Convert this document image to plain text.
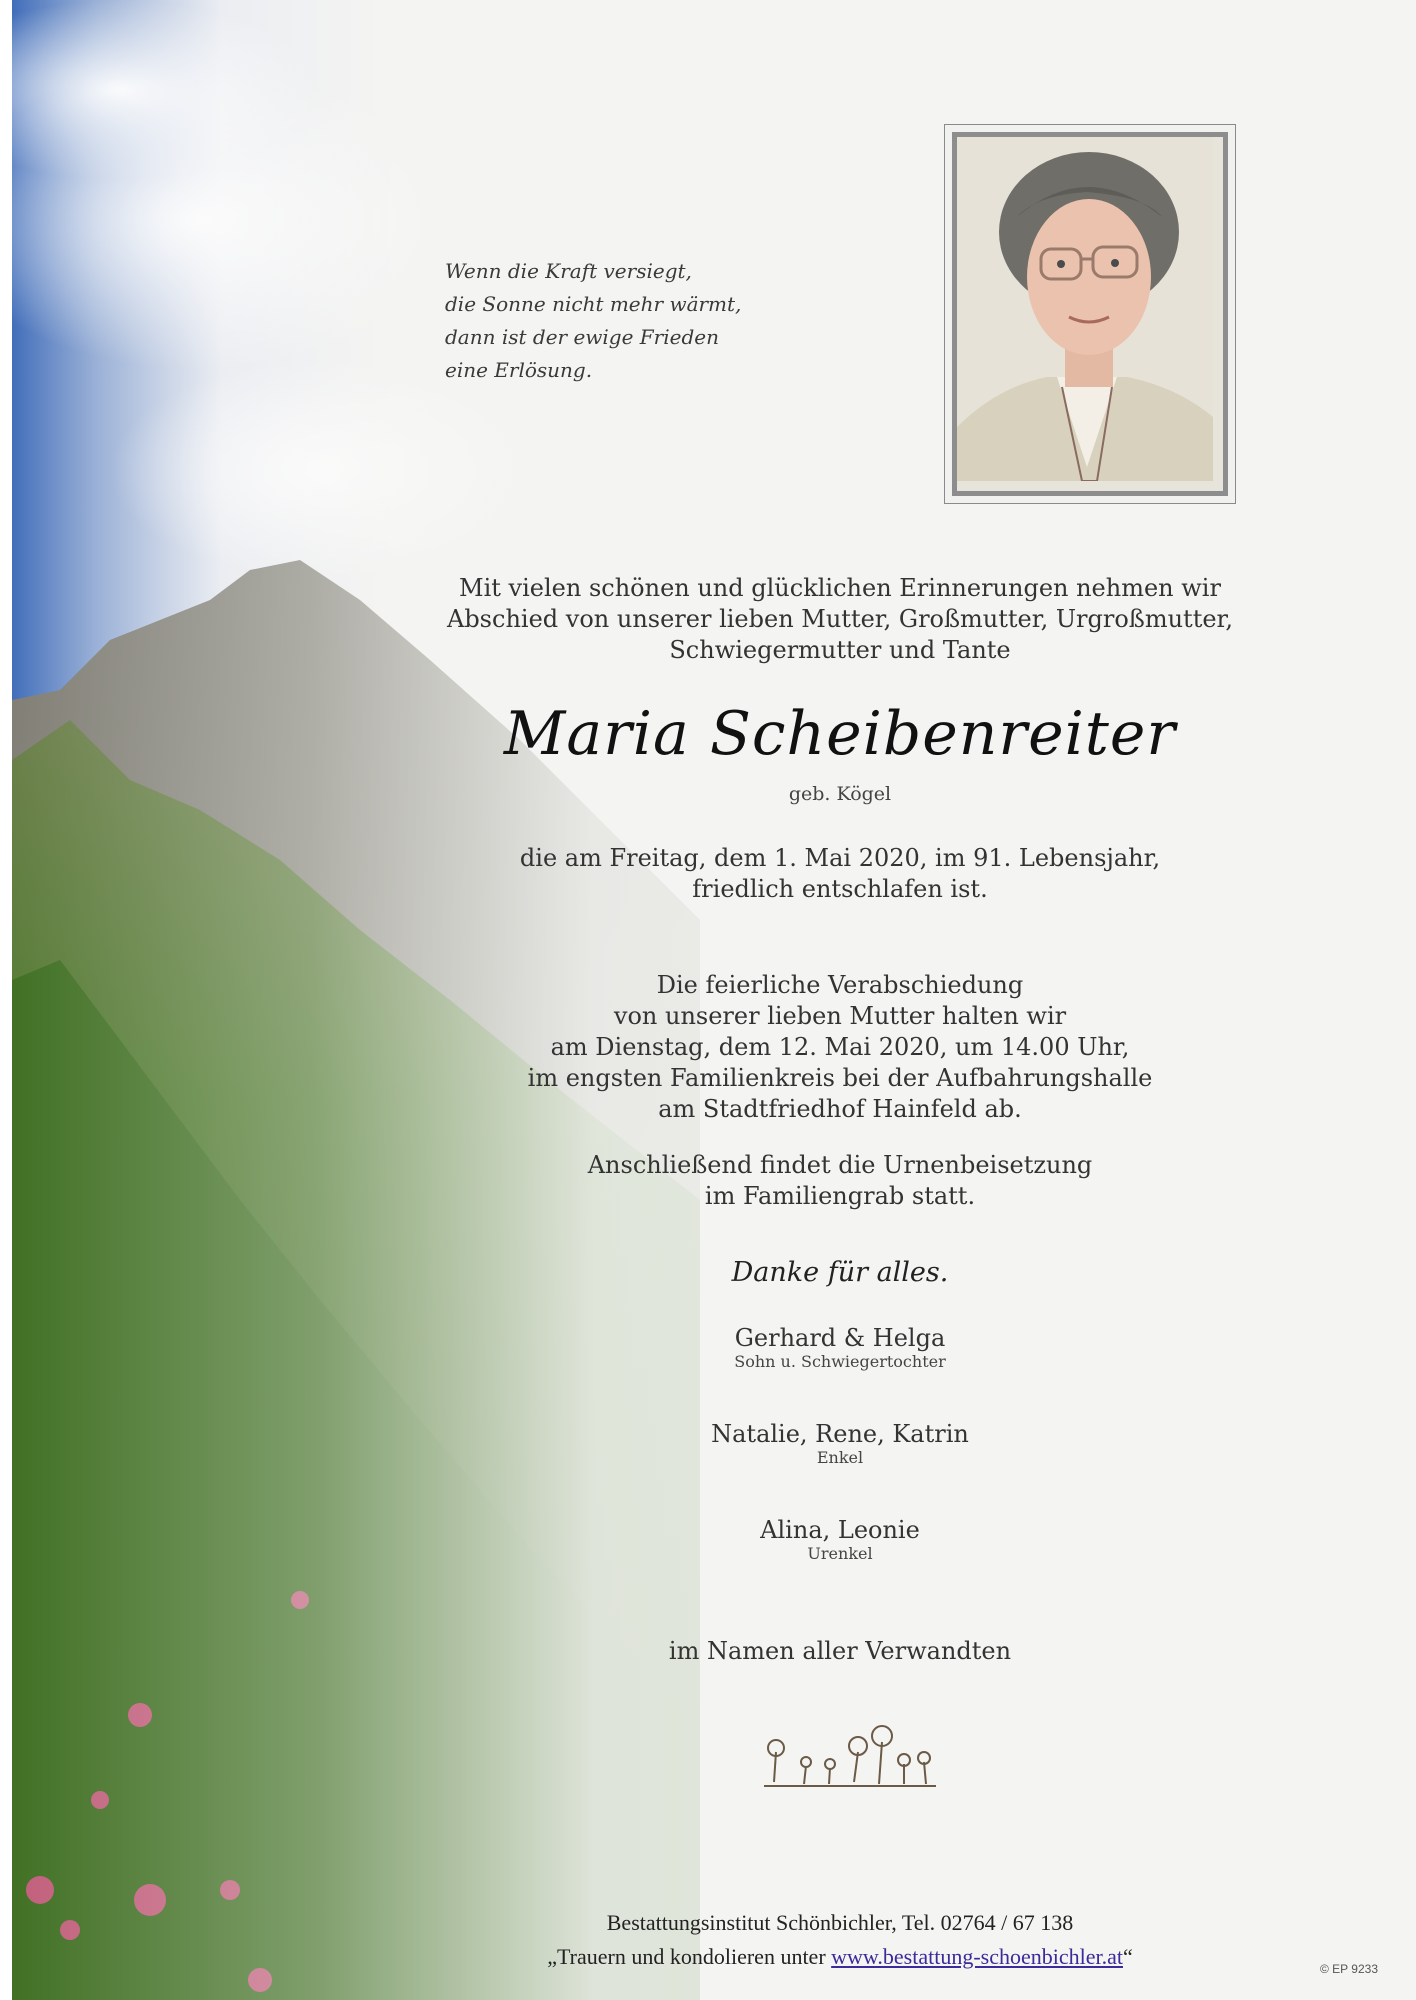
Wenn die Kraft versiegt,
die Sonne nicht mehr wärmt,
dann ist der ewige Frieden
eine Erlösung.
Mit vielen schönen und glücklichen Erinnerungen nehmen wir
Abschied von unserer lieben Mutter, Großmutter, Urgroßmutter,
Schwiegermutter und Tante
Maria Scheibenreiter
geb. Kögel
die am Freitag, dem 1. Mai 2020, im 91. Lebensjahr,
friedlich entschlafen ist.
Die feierliche Verabschiedung
von unserer lieben Mutter halten wir
am Dienstag, dem 12. Mai 2020, um 14.00 Uhr,
im engsten Familienkreis bei der Aufbahrungshalle
am Stadtfriedhof Hainfeld ab.
Anschließend findet die Urnenbeisetzung
im Familiengrab statt.
Danke für alles.
Gerhard & Helga
Sohn u. Schwiegertochter
Natalie, Rene, Katrin
Enkel
Alina, Leonie
Urenkel
im Namen aller Verwandten
Bestattungsinstitut Schönbichler, Tel. 02764 / 67 138
„Trauern und kondolieren unter www.bestattung-schoenbichler.at“	© EP 9233
